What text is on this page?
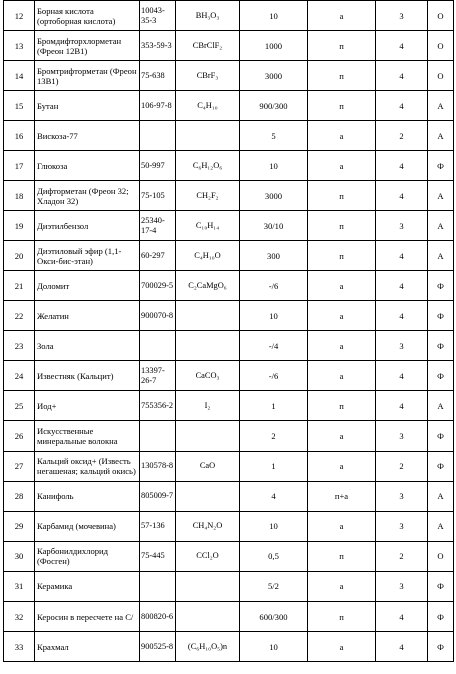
12	Борная кислота (ортоборная кислота)	10043-35-3	BH₃O₃	10	а	3	О
13	Бромдифторхлорметан (Фреон 12В1)	353-59-3	CBrClF₂	1000	п	4	О
14	Бромтрифторметан (Фреон 13В1)	75-638	CBrF₃	3000	п	4	О
15	Бутан	106-97-8	C₄H₁₀	900/300	п	4	А
16	Вискоза-77			5	а	2	А
17	Глюкоза	50-997	C₆H₁₂O₆	10	а	4	Ф
18	Дифторметан (Фреон 32; Хладон 32)	75-105	CH₂F₂	3000	п	4	А
19	Диэтилбензол	25340-17-4	C₁₀H₁₄	30/10	п	3	А
20	Диэтиловый эфир (1,1-Окси-бис-этан)	60-297	C₄H₁₀O	300	п	4	А
21	Доломит	700029-5	C₂CaMgO₆	-/6	а	4	Ф
22	Желатин	900070-8		10	а	4	Ф
23	Зола			-/4	а	3	Ф
24	Известняк (Кальцит)	13397-26-7	CaCO₃	-/6	а	4	Ф
25	Иод+	755356-2	I₂	1	п	4	А
26	Искусственные минеральные волокна			2	а	3	Ф
27	Кальций оксид+ (Известь негашеная; кальций окись)	130578-8	CaO	1	а	2	Ф
28	Канифоль	805009-7		4	п+а	3	А
29	Карбамид (мочевина)	57-136	CH₄N₂O	10	а	3	А
30	Карбонилдихлорид (Фосген)	75-445	CCl₂O	0,5	п	2	О
31	Керамика			5/2	а	3	Ф
32	Керосин в пересчете на С/	800820-6		600/300	п	4	Ф
33	Крахмал	900525-8	(C₆H₁₀O₅)n	10	а	4	Ф
